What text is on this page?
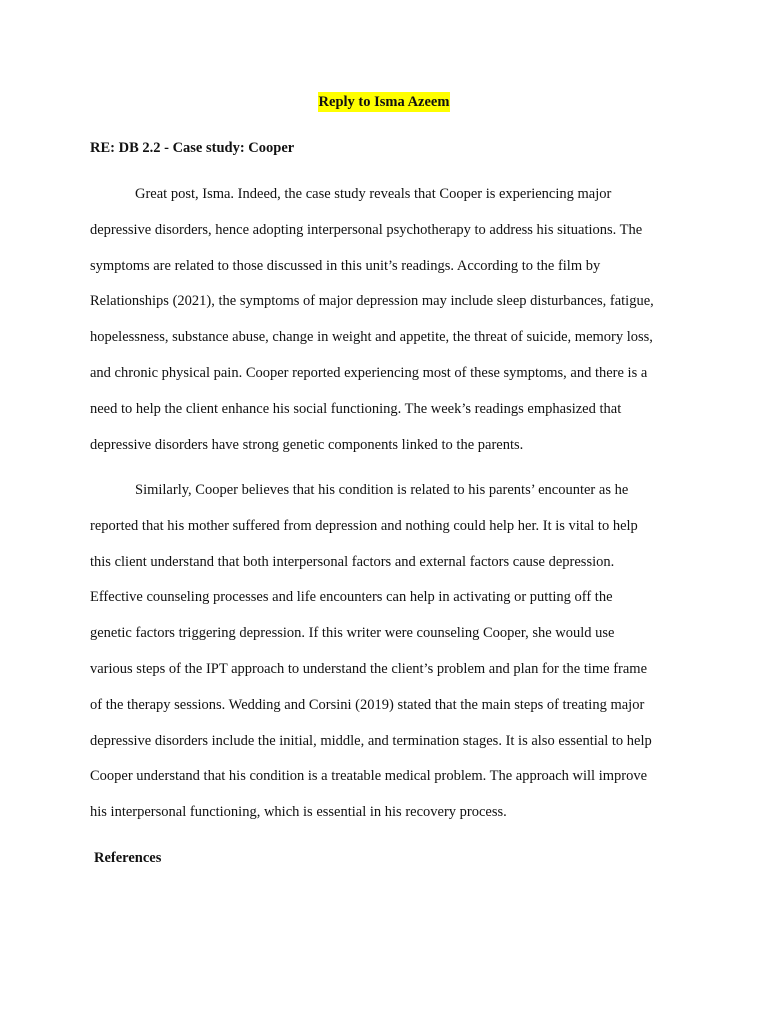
Reply to Isma Azeem

RE: DB 2.2 - Case study: Cooper

Great post, Isma. Indeed, the case study reveals that Cooper is experiencing major
depressive disorders, hence adopting interpersonal psychotherapy to address his situations. The
symptoms are related to those discussed in this unit’s readings. According to the film by
Relationships (2021), the symptoms of major depression may include sleep disturbances, fatigue,
hopelessness, substance abuse, change in weight and appetite, the threat of suicide, memory loss,
and chronic physical pain. Cooper reported experiencing most of these symptoms, and there is a
need to help the client enhance his social functioning. The week’s readings emphasized that
depressive disorders have strong genetic components linked to the parents.

Similarly, Cooper believes that his condition is related to his parents’ encounter as he
reported that his mother suffered from depression and nothing could help her. It is vital to help
this client understand that both interpersonal factors and external factors cause depression.
Effective counseling processes and life encounters can help in activating or putting off the
genetic factors triggering depression. If this writer were counseling Cooper, she would use
various steps of the IPT approach to understand the client’s problem and plan for the time frame
of the therapy sessions. Wedding and Corsini (2019) stated that the main steps of treating major
depressive disorders include the initial, middle, and termination stages. It is also essential to help
Cooper understand that his condition is a treatable medical problem. The approach will improve
his interpersonal functioning, which is essential in his recovery process.

References
